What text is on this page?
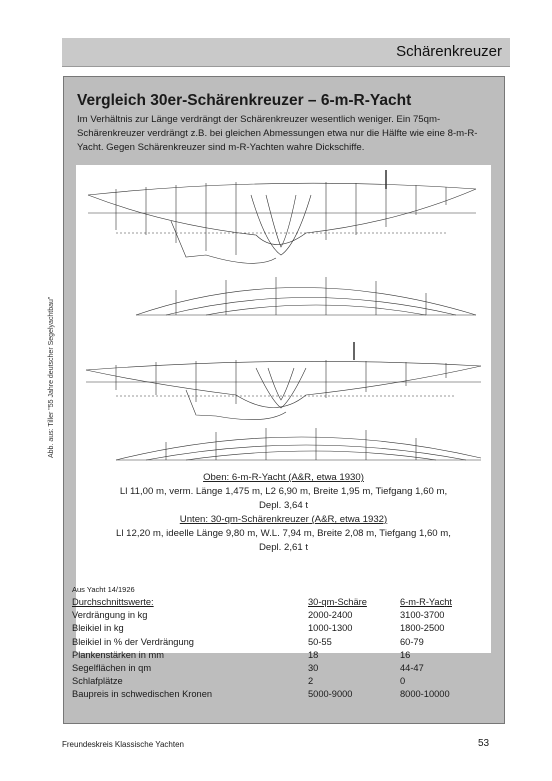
Schärenkreuzer
Abb. aus: Tiller "55 Jahre deutscher Segelyachtbau"
Vergleich 30er-Schärenkreuzer – 6-m-R-Yacht
Im Verhältnis zur Länge verdrängt der Schärenkreuzer wesentlich weniger. Ein 75qm-Schärenkreuzer verdrängt z.B. bei gleichen Abmessungen etwa nur die Hälfte wie eine 8-m-R-Yacht. Gegen Schärenkreuzer sind m-R-Yachten wahre Dickschiffe.
Oben: 6-m-R-Yacht (A&R, etwa 1930)
Ll 11,00 m, verm. Länge 1,475 m, L2 6,90 m, Breite 1,95 m, Tiefgang 1,60 m,
Depl. 3,64 t
Unten: 30-qm-Schärenkreuzer (A&R, etwa 1932)
Ll 12,20 m, ideelle Länge 9,80 m, W.L. 7,94 m, Breite 2,08 m, Tiefgang 1,60 m,
Depl. 2,61 t
Aus Yacht 14/1926
Durchschnittswerte:	30-qm-Schäre	6-m-R-Yacht
Verdrängung in kg	2000-2400	3100-3700
Bleikiel in kg	1000-1300	1800-2500
Bleikiel in % der Verdrängung	50-55	60-79
Plankenstärken in mm	18	16
Segelflächen in qm	30	44-47
Schlafplätze	2	0
Baupreis in schwedischen Kronen	5000-9000	8000-10000
Freundeskreis Klassische Yachten	53
